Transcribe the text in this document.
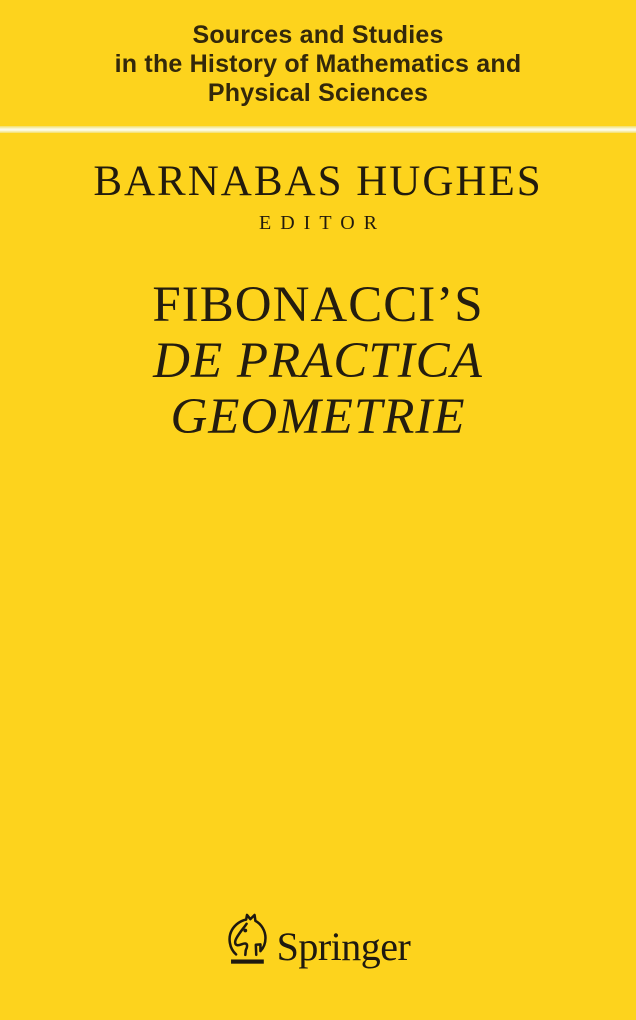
Sources and Studies
in the History of Mathematics and
Physical Sciences
BARNABAS HUGHES
EDITOR
FIBONACCI’S
DE PRACTICA
GEOMETRIE
Springer
